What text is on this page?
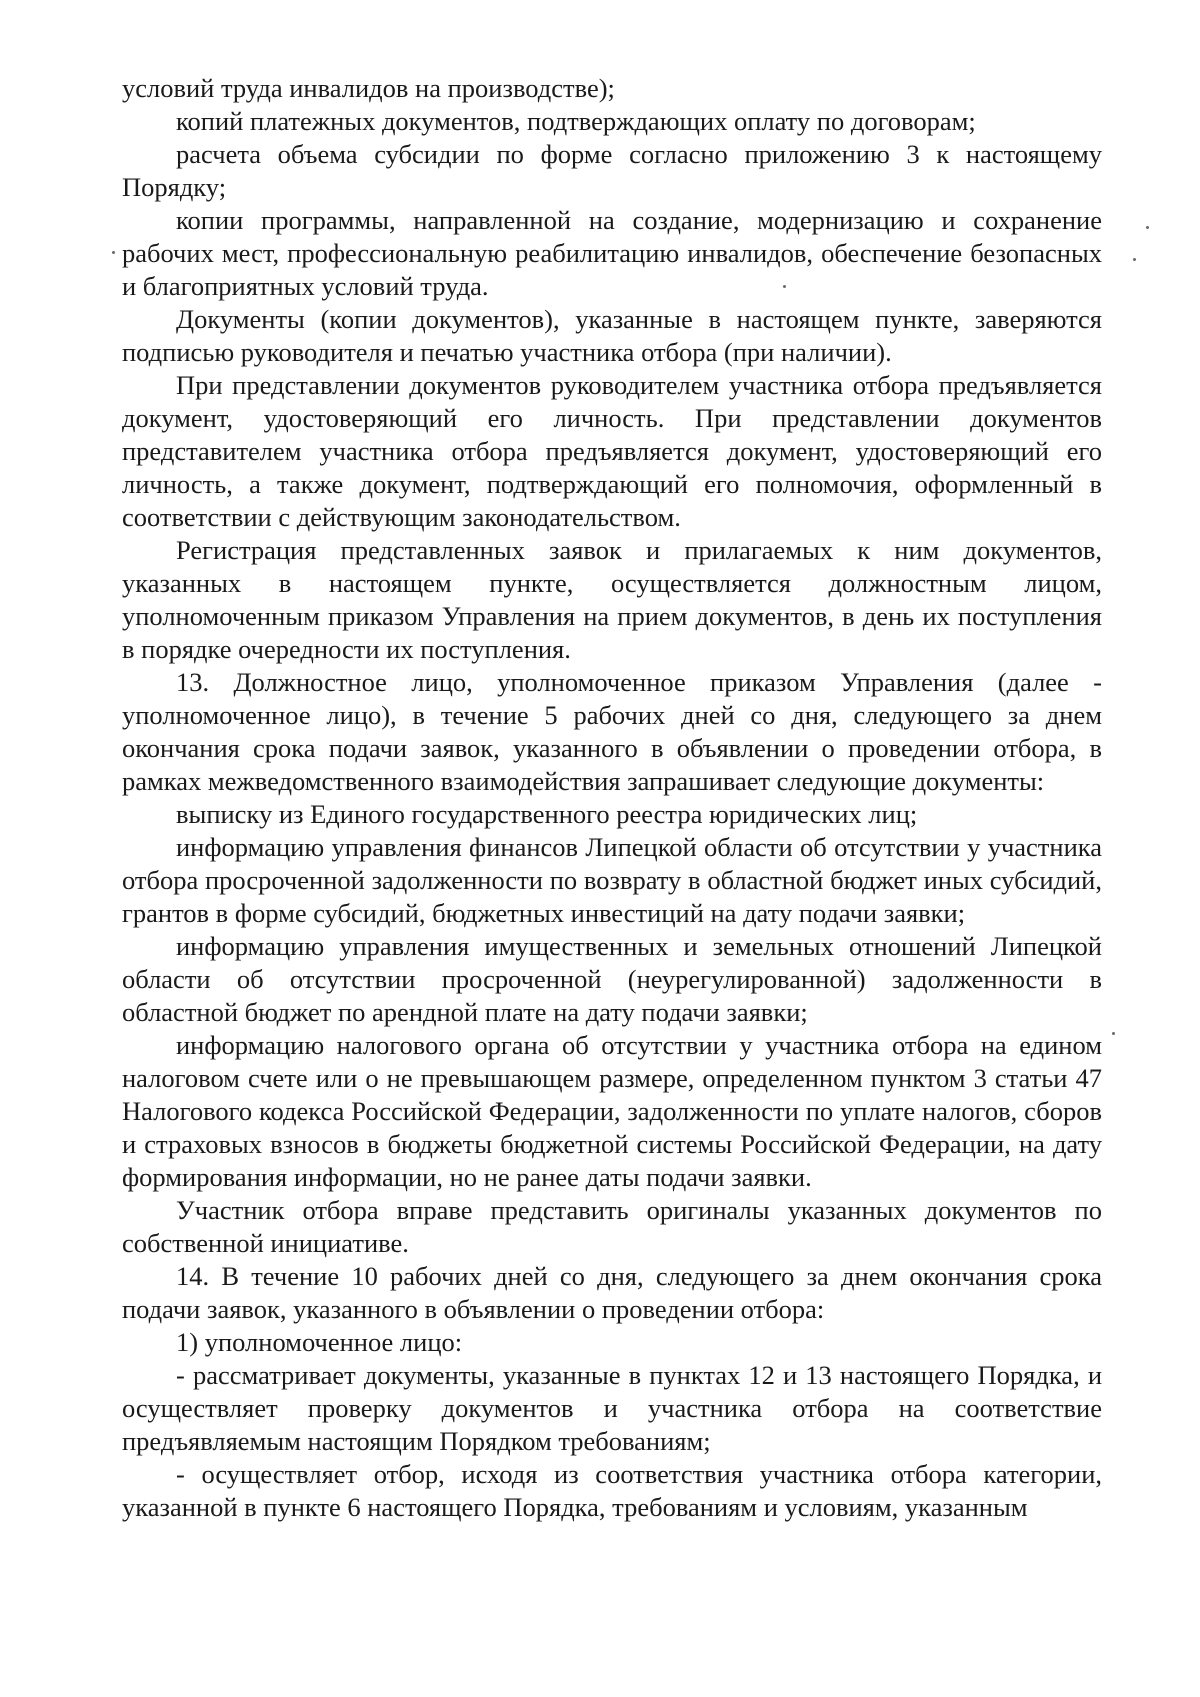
условий труда инвалидов на производстве);

копий платежных документов, подтверждающих оплату по договорам;

расчета объема субсидии по форме согласно приложению 3 к настоящему Порядку;

копии программы, направленной на создание, модернизацию и сохранение рабочих мест, профессиональную реабилитацию инвалидов, обеспечение безопасных и благоприятных условий труда.

Документы (копии документов), указанные в настоящем пункте, заверяются подписью руководителя и печатью участника отбора (при наличии).

При представлении документов руководителем участника отбора предъявляется документ, удостоверяющий его личность. При представлении документов представителем участника отбора предъявляется документ, удостоверяющий его личность, а также документ, подтверждающий его полномочия, оформленный в соответствии с действующим законодательством.

Регистрация представленных заявок и прилагаемых к ним документов, указанных в настоящем пункте, осуществляется должностным лицом, уполномоченным приказом Управления на прием документов, в день их поступления в порядке очередности их поступления.

13. Должностное лицо, уполномоченное приказом Управления (далее - уполномоченное лицо), в течение 5 рабочих дней со дня, следующего за днем окончания срока подачи заявок, указанного в объявлении о проведении отбора, в рамках межведомственного взаимодействия запрашивает следующие документы:

выписку из Единого государственного реестра юридических лиц;

информацию управления финансов Липецкой области об отсутствии у участника отбора просроченной задолженности по возврату в областной бюджет иных субсидий, грантов в форме субсидий, бюджетных инвестиций на дату подачи заявки;

информацию управления имущественных и земельных отношений Липецкой области об отсутствии просроченной (неурегулированной) задолженности в областной бюджет по арендной плате на дату подачи заявки;

информацию налогового органа об отсутствии у участника отбора на едином налоговом счете или о не превышающем размере, определенном пунктом 3 статьи 47 Налогового кодекса Российской Федерации, задолженности по уплате налогов, сборов и страховых взносов в бюджеты бюджетной системы Российской Федерации, на дату формирования информации, но не ранее даты подачи заявки.

Участник отбора вправе представить оригиналы указанных документов по собственной инициативе.

14. В течение 10 рабочих дней со дня, следующего за днем окончания срока подачи заявок, указанного в объявлении о проведении отбора:

1) уполномоченное лицо:

- рассматривает документы, указанные в пунктах 12 и 13 настоящего Порядка, и осуществляет проверку документов и участника отбора на соответствие предъявляемым настоящим Порядком требованиям;

- осуществляет отбор, исходя из соответствия участника отбора категории, указанной в пункте 6 настоящего Порядка, требованиям и условиям, указанным
